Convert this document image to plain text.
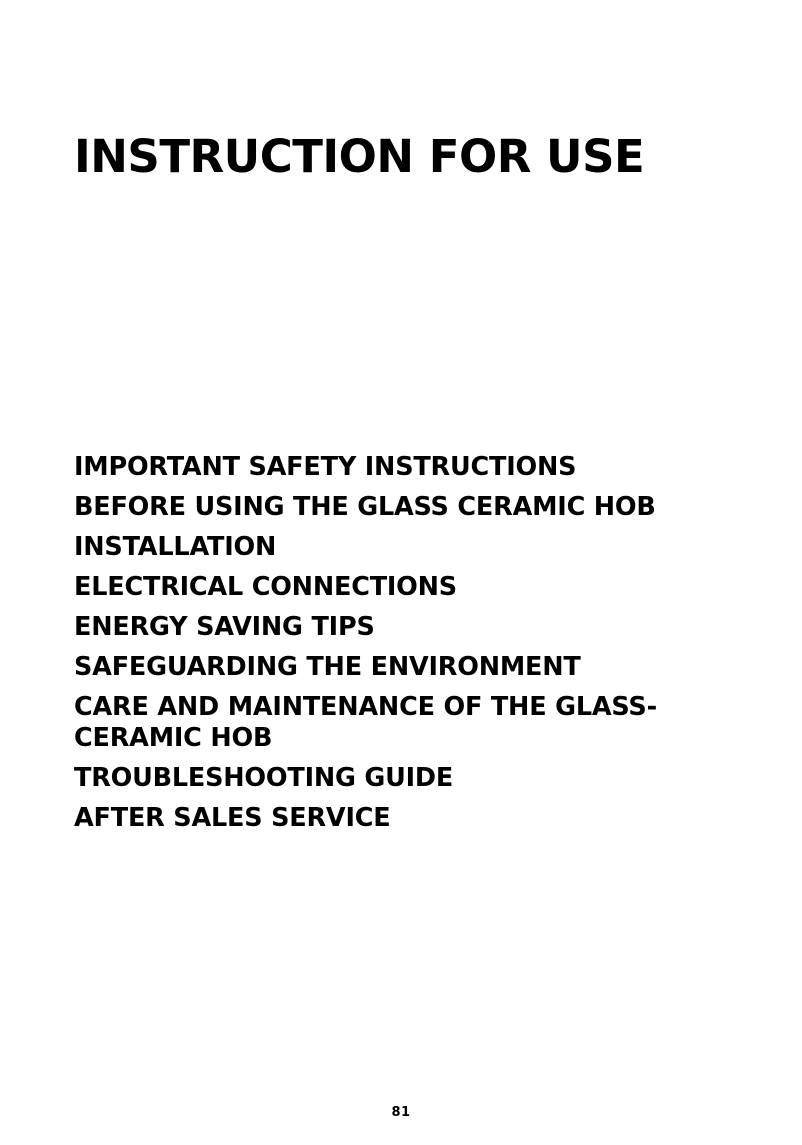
INSTRUCTION FOR USE
IMPORTANT SAFETY INSTRUCTIONS
BEFORE USING THE GLASS CERAMIC HOB
INSTALLATION
ELECTRICAL CONNECTIONS
ENERGY SAVING TIPS
SAFEGUARDING THE ENVIRONMENT
CARE AND MAINTENANCE OF THE GLASS-CERAMIC HOB
TROUBLESHOOTING GUIDE
AFTER SALES SERVICE
81
